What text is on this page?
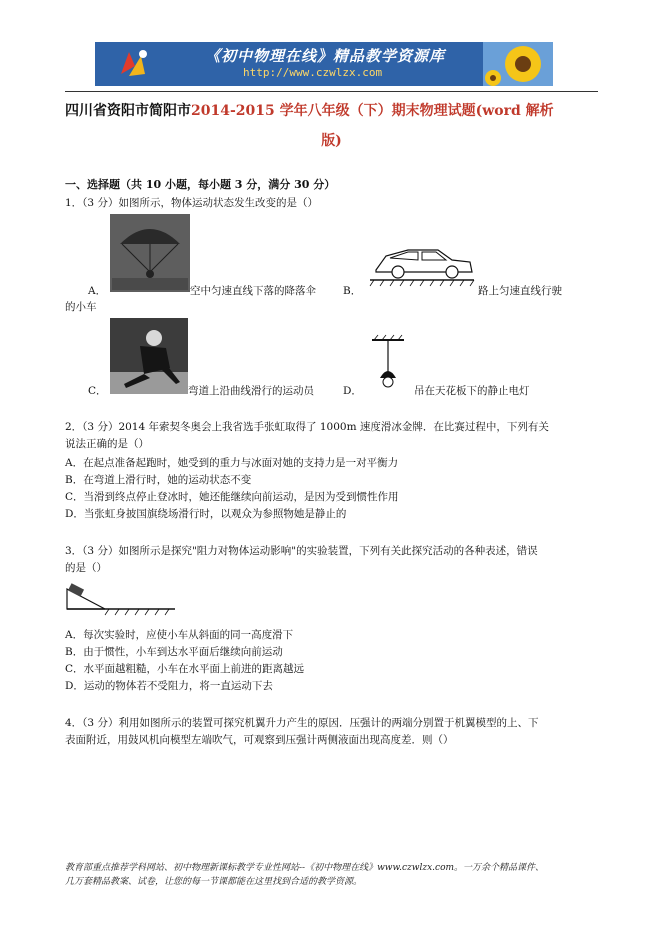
《初中物理在线》精品教学资源库
http://www.czwlzx.com
四川省资阳市简阳市2014-2015 学年八年级（下）期末物理试题(word 解析
版)
一、选择题（共 10 小题，每小题 3 分，满分 30 分）
1．（3 分）如图所示，物体运动状态发生改变的是（）
A．	空中匀速直线下落的降落伞	B．	路上匀速直线行驶
的小车
C．	弯道上沿曲线滑行的运动员	D．	吊在天花板下的静止电灯
2．（3 分）2014 年索契冬奥会上我省选手张虹取得了 1000m 速度滑冰金牌．在比赛过程中，下列有关
说法正确的是（）
A．在起点准备起跑时，她受到的重力与冰面对她的支持力是一对平衡力
B．在弯道上滑行时，她的运动状态不变
C．当滑到终点停止登冰时，她还能继续向前运动，是因为受到惯性作用
D．当张虹身披国旗绕场滑行时，以观众为参照物她是静止的
3．（3 分）如图所示是探究"阻力对物体运动影响"的实验装置，下列有关此探究活动的各种表述，错误
的是（）
A．每次实验时，应使小车从斜面的同一高度滑下
B．由于惯性，小车到达水平面后继续向前运动
C．水平面越粗糙，小车在水平面上前进的距离越远
D．运动的物体若不受阻力，将一直运动下去
4．（3 分）利用如图所示的装置可探究机翼升力产生的原因．压强计的两端分别置于机翼模型的上、下
表面附近，用鼓风机向模型左端吹气，可观察到压强计两侧液面出现高度差．则（）
教育部重点推荐学科网站、初中物理新课标教学专业性网站--《初中物理在线》www.czwlzx.com。一万余个精品课件、
几万套精品教案、试卷，让您的每一节课都能在这里找到合适的教学资源。
